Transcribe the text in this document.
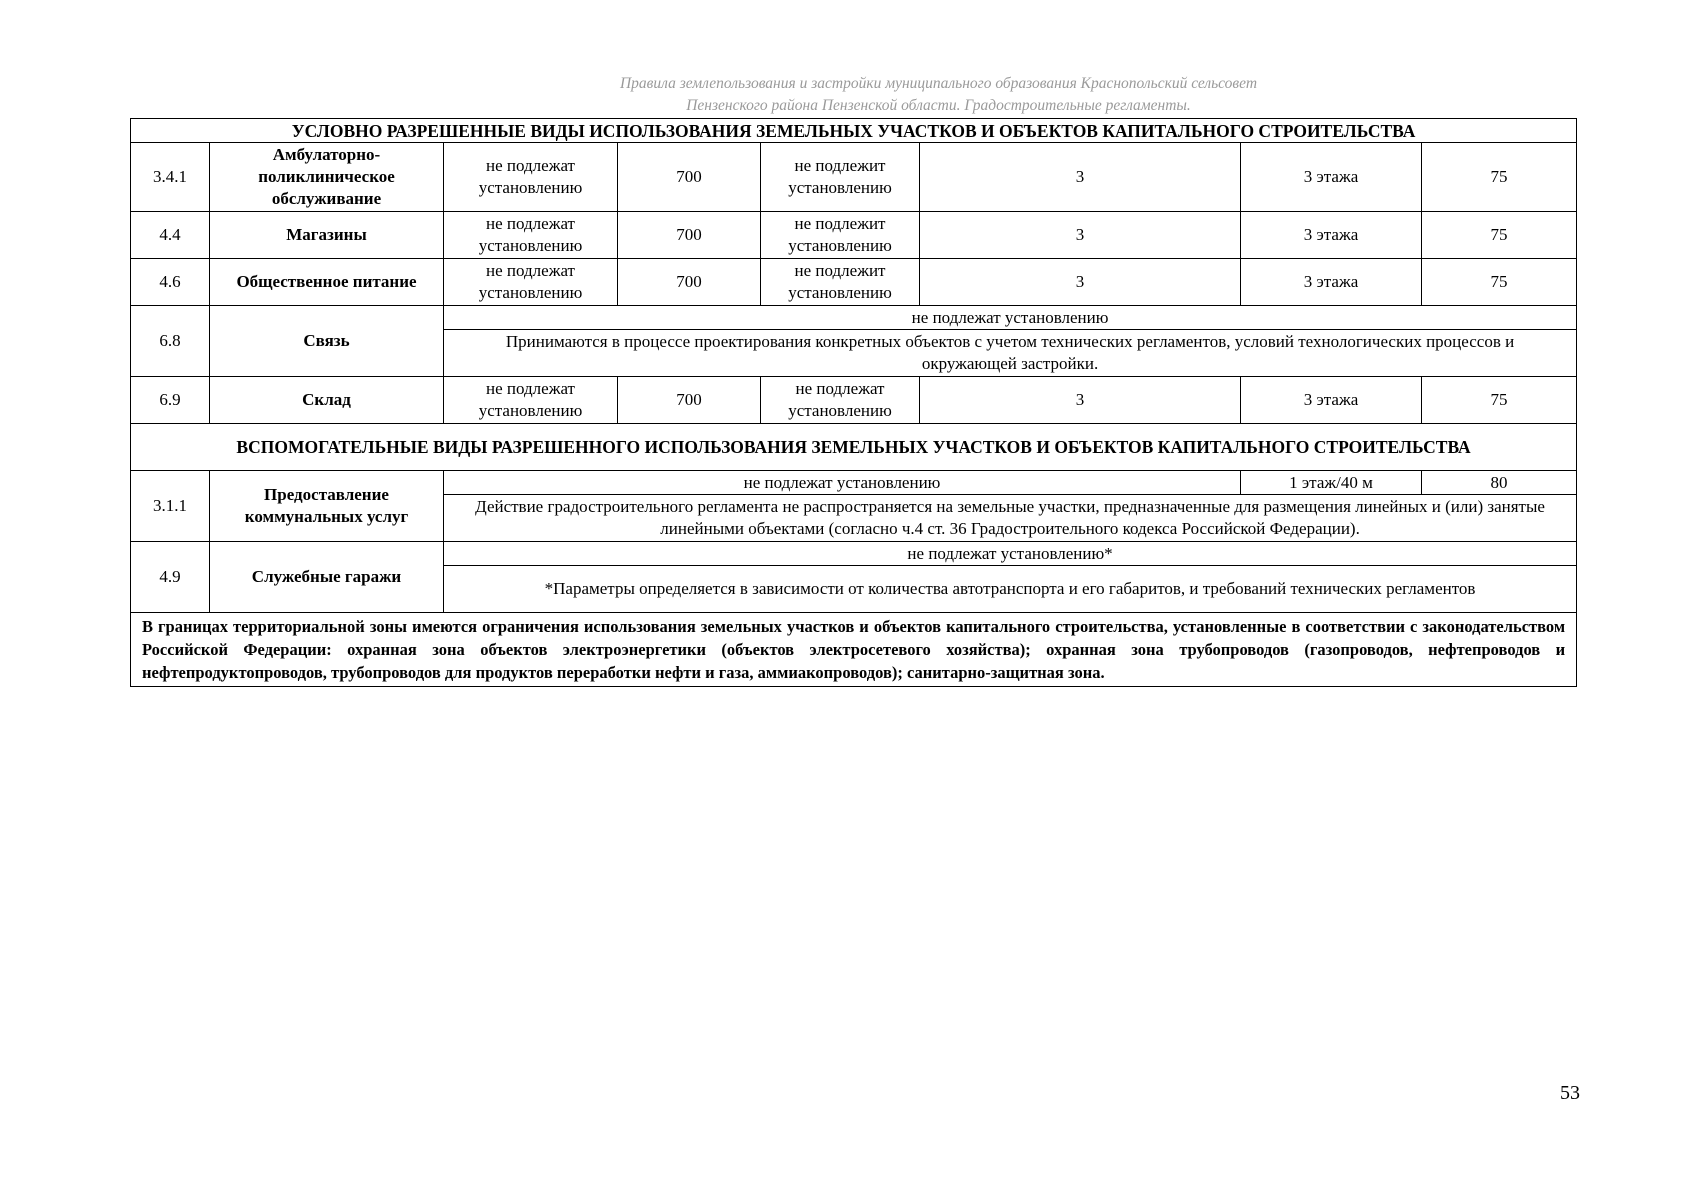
Правила землепользования и застройки муниципального образования Краснопольский сельсовет
Пензенского района Пензенской области. Градостроительные регламенты.
УСЛОВНО РАЗРЕШЕННЫЕ ВИДЫ ИСПОЛЬЗОВАНИЯ ЗЕМЕЛЬНЫХ УЧАСТКОВ И ОБЪЕКТОВ КАПИТАЛЬНОГО СТРОИТЕЛЬСТВА							
3.4.1	Амбулаторно-поликлиническое обслуживание	не подлежат установлению	700	не подлежит установлению	3	3 этажа	75
4.4	Магазины	не подлежат установлению	700	не подлежит установлению	3	3 этажа	75
4.6	Общественное питание	не подлежат установлению	700	не подлежит установлению	3	3 этажа	75
6.8	Связь	не подлежат установлению					
		Принимаются в процессе проектирования конкретных объектов с учетом технических регламентов, условий технологических процессов и окружающей застройки.					
6.9	Склад	не подлежат установлению	700	не подлежат установлению	3	3 этажа	75
ВСПОМОГАТЕЛЬНЫЕ ВИДЫ РАЗРЕШЕННОГО ИСПОЛЬЗОВАНИЯ ЗЕМЕЛЬНЫХ УЧАСТКОВ И ОБЪЕКТОВ КАПИТАЛЬНОГО СТРОИТЕЛЬСТВА							
3.1.1	Предоставление коммунальных услуг	не подлежат установлению				1 этаж/40 м	80
		Действие градостроительного регламента не распространяется на земельные участки, предназначенные для размещения линейных и (или) занятые линейными объектами (согласно ч.4 ст. 36 Градостроительного кодекса Российской Федерации).					
4.9	Служебные гаражи	не подлежат установлению*					
		*Параметры определяется в зависимости от количества автотранспорта и его габаритов, и требований технических регламентов					
В границах территориальной зоны имеются ограничения использования земельных участков и объектов капитального строительства, установленные в соответствии с законодательством Российской Федерации: охранная зона объектов электроэнергетики (объектов электросетевого хозяйства); охранная зона трубопроводов (газопроводов, нефтепроводов и нефтепродуктопроводов, трубопроводов для продуктов переработки нефти и газа, аммиакопроводов); санитарно-защитная зона.							
53
